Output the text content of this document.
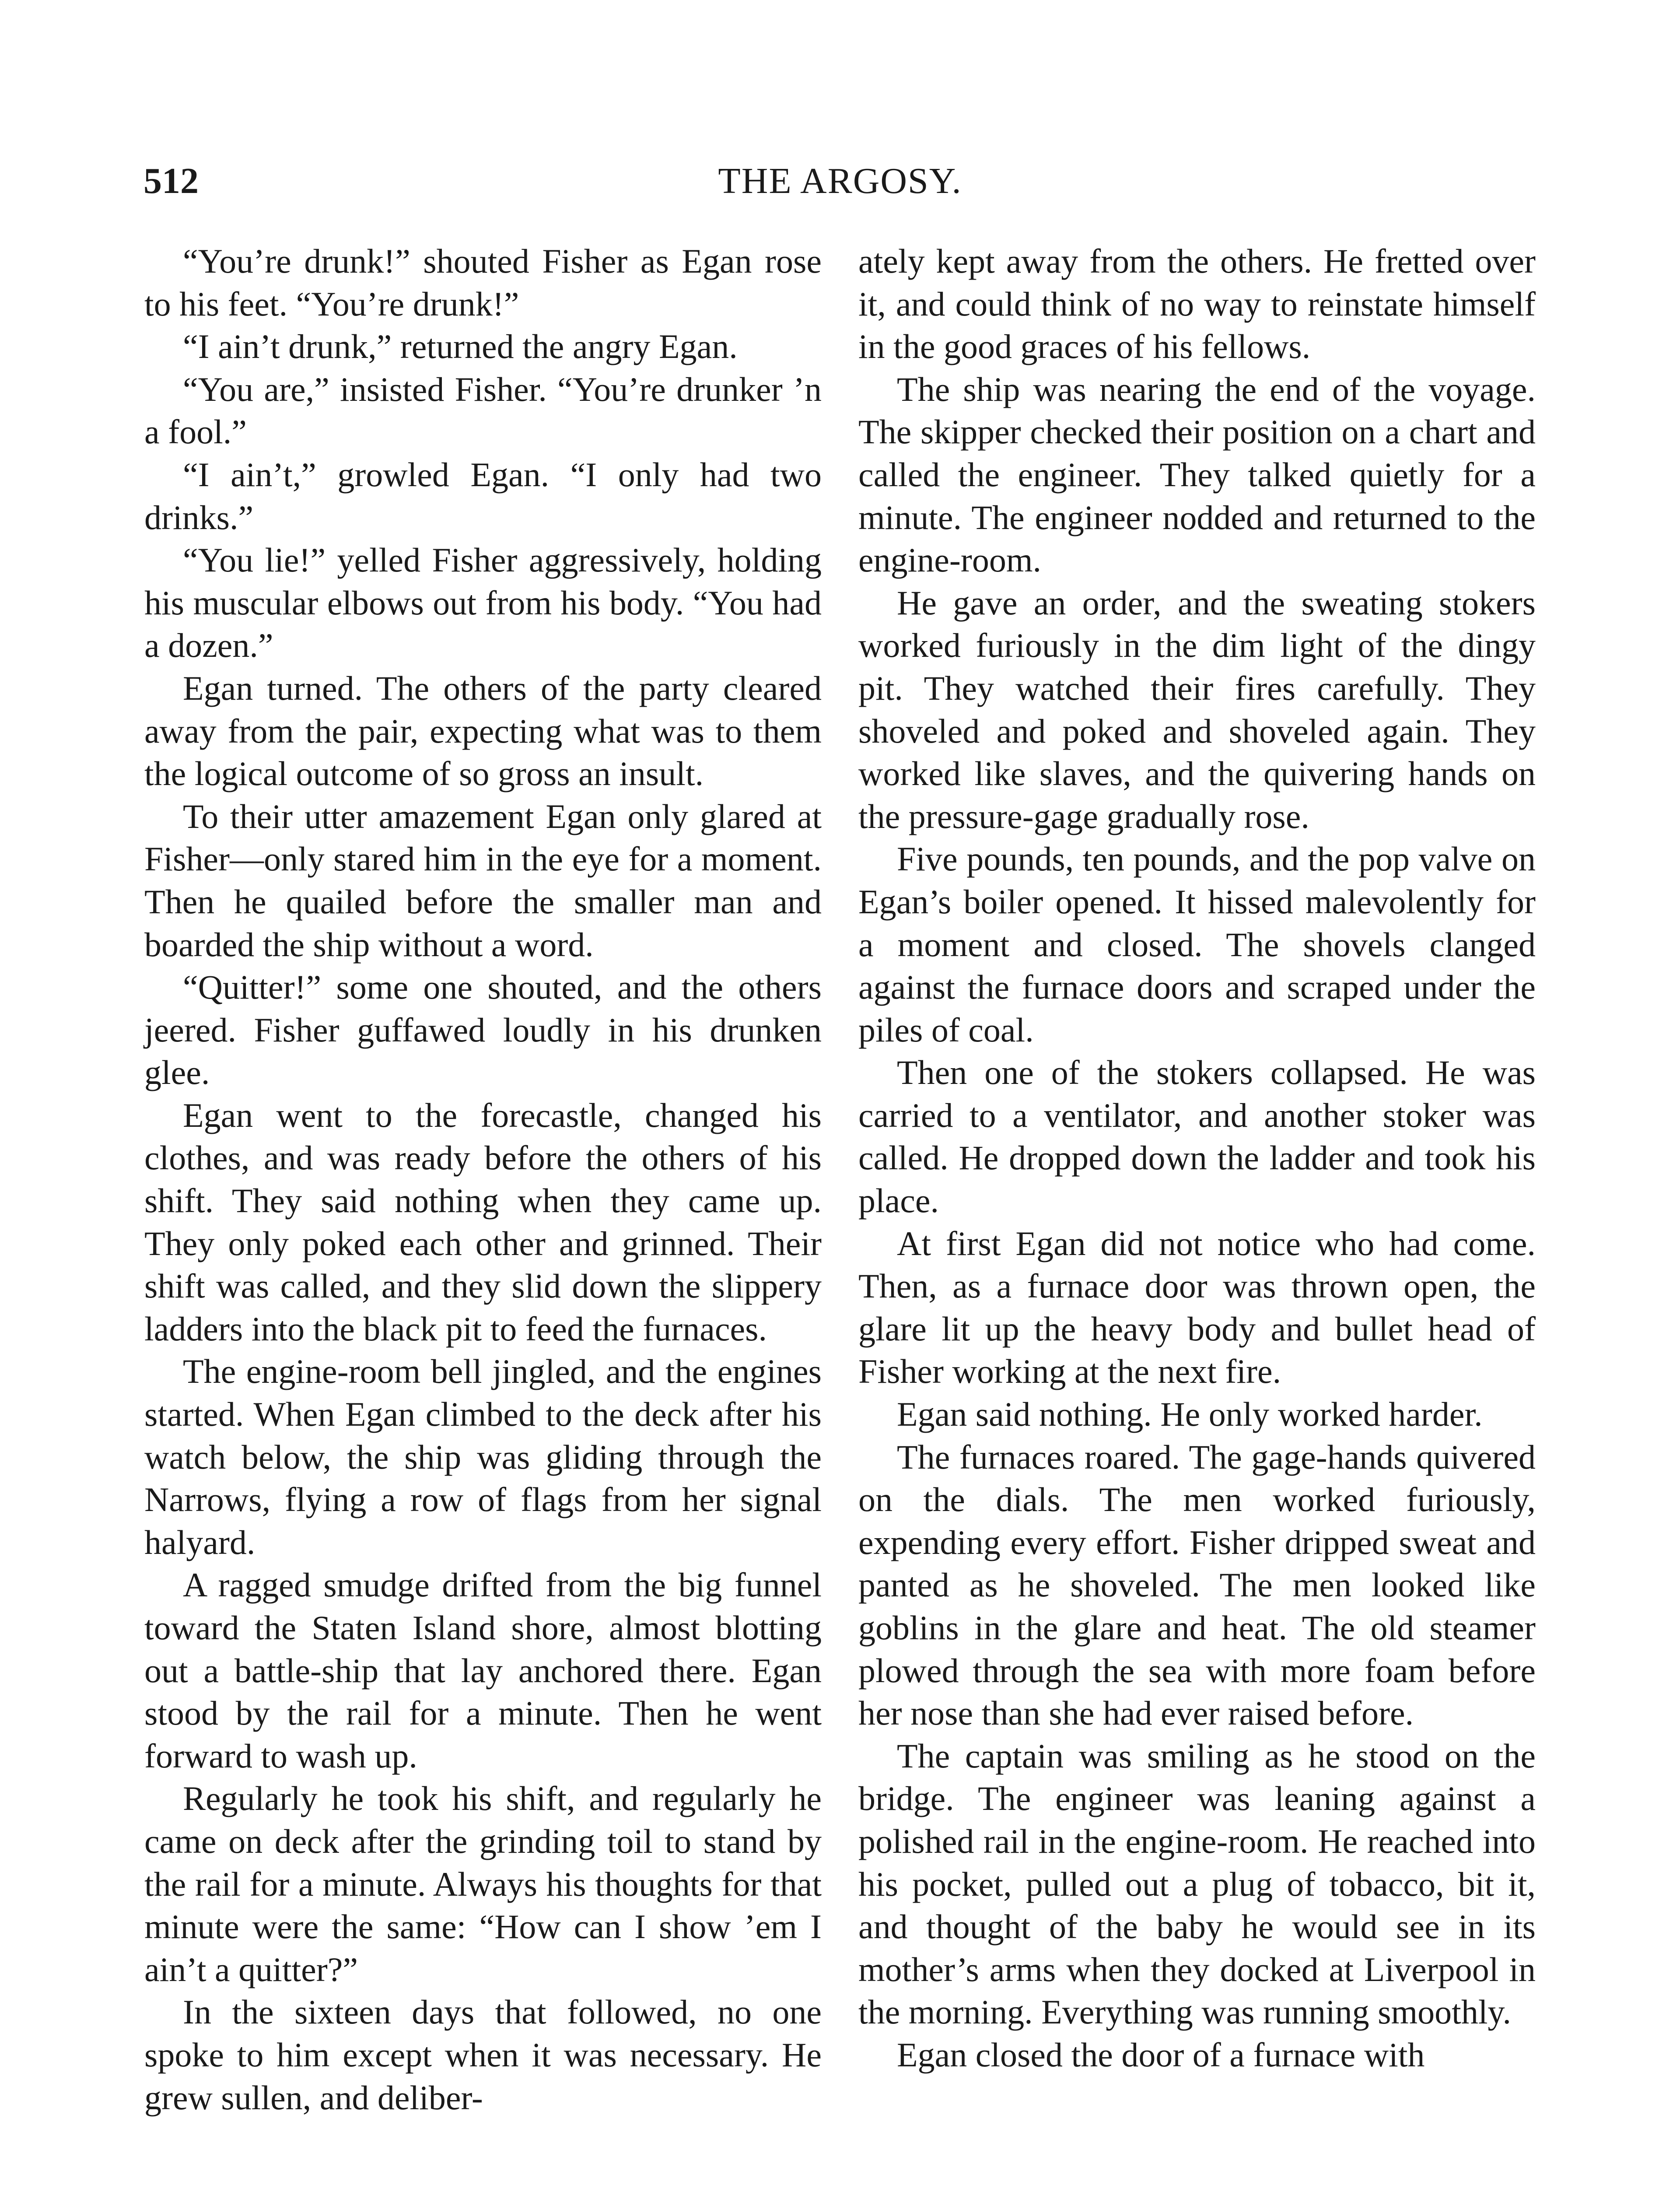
512	THE ARGOSY.

“You’re drunk!” shouted Fisher as Egan rose to his feet. “You’re drunk!”

“I ain’t drunk,” returned the angry Egan.

“You are,” insisted Fisher. “You’re drunker ’n a fool.”

“I ain’t,” growled Egan. “I only had two drinks.”

“You lie!” yelled Fisher aggressively, holding his muscular elbows out from his body. “You had a dozen.”

Egan turned. The others of the party cleared away from the pair, expecting what was to them the logical outcome of so gross an insult.

To their utter amazement Egan only glared at Fisher—only stared him in the eye for a moment. Then he quailed before the smaller man and boarded the ship without a word.

“Quitter!” some one shouted, and the others jeered. Fisher guffawed loudly in his drunken glee.

Egan went to the forecastle, changed his clothes, and was ready before the others of his shift. They said nothing when they came up. They only poked each other and grinned. Their shift was called, and they slid down the slippery ladders into the black pit to feed the furnaces.

The engine-room bell jingled, and the engines started. When Egan climbed to the deck after his watch below, the ship was gliding through the Narrows, flying a row of flags from her signal halyard.

A ragged smudge drifted from the big funnel toward the Staten Island shore, almost blotting out a battle-ship that lay anchored there. Egan stood by the rail for a minute. Then he went forward to wash up.

Regularly he took his shift, and regularly he came on deck after the grinding toil to stand by the rail for a minute. Always his thoughts for that minute were the same: “How can I show ’em I ain’t a quitter?”

In the sixteen days that followed, no one spoke to him except when it was necessary. He grew sullen, and deliber-

ately kept away from the others. He fretted over it, and could think of no way to reinstate himself in the good graces of his fellows.

The ship was nearing the end of the voyage. The skipper checked their position on a chart and called the engineer. They talked quietly for a minute. The engineer nodded and returned to the engine-room.

He gave an order, and the sweating stokers worked furiously in the dim light of the dingy pit. They watched their fires carefully. They shoveled and poked and shoveled again. They worked like slaves, and the quivering hands on the pressure-gage gradually rose.

Five pounds, ten pounds, and the pop valve on Egan’s boiler opened. It hissed malevolently for a moment and closed. The shovels clanged against the furnace doors and scraped under the piles of coal.

Then one of the stokers collapsed. He was carried to a ventilator, and another stoker was called. He dropped down the ladder and took his place.

At first Egan did not notice who had come. Then, as a furnace door was thrown open, the glare lit up the heavy body and bullet head of Fisher working at the next fire.

Egan said nothing. He only worked harder.

The furnaces roared. The gage-hands quivered on the dials. The men worked furiously, expending every effort. Fisher dripped sweat and panted as he shoveled. The men looked like goblins in the glare and heat. The old steamer plowed through the sea with more foam before her nose than she had ever raised before.

The captain was smiling as he stood on the bridge. The engineer was leaning against a polished rail in the engine-room. He reached into his pocket, pulled out a plug of tobacco, bit it, and thought of the baby he would see in its mother’s arms when they docked at Liverpool in the morning. Everything was running smoothly.

Egan closed the door of a furnace with
